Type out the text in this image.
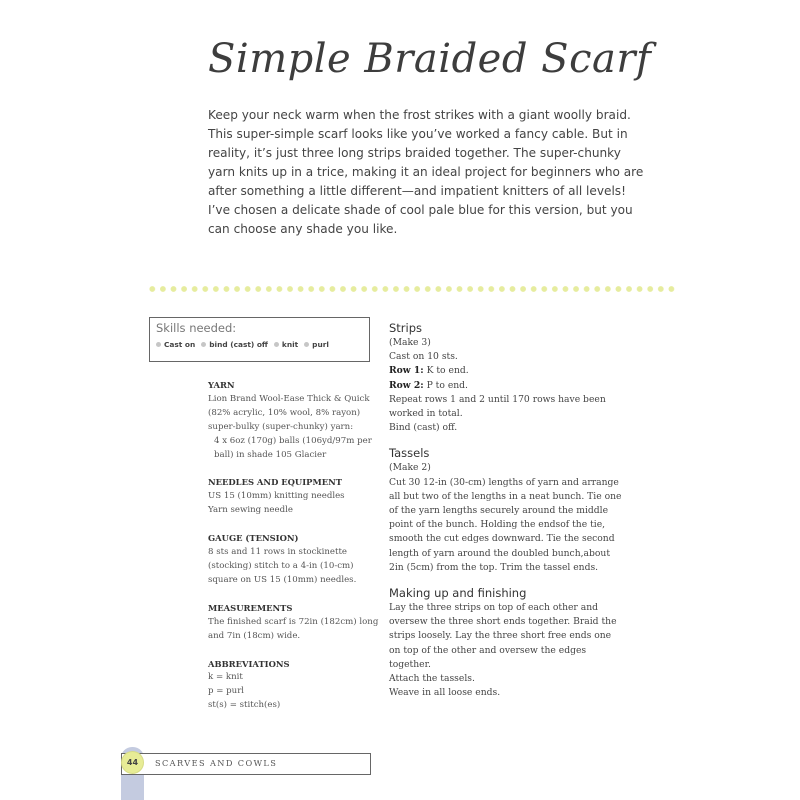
Simple Braided Scarf

Keep your neck warm when the frost strikes with a giant woolly braid. This super-simple scarf looks like you’ve worked a fancy cable. But in reality, it’s just three long strips braided together. The super-chunky yarn knits up in a trice, making it an ideal project for beginners who are after something a little different—and impatient knitters of all levels! I’ve chosen a delicate shade of cool pale blue for this version, but you can choose any shade you like.

Skills needed:
Cast on bind (cast) off knit purl
YARN
Lion Brand Wool-Ease Thick & Quick
(82% acrylic, 10% wool, 8% rayon)
super-bulky (super-chunky) yarn:
4 x 6oz (170g) balls (106yd/97m per
ball) in shade 105 Glacier
NEEDLES AND EQUIPMENT
US 15 (10mm) knitting needles
Yarn sewing needle
GAUGE (TENSION)
8 sts and 11 rows in stockinette
(stocking) stitch to a 4-in (10-cm)
square on US 15 (10mm) needles.
MEASUREMENTS
The finished scarf is 72in (182cm) long
and 7in (18cm) wide.
ABBREVIATIONS
k = knit
p = purl
st(s) = stitch(es)
Strips
(Make 3)
Cast on 10 sts.
Row 1: K to end.
Row 2: P to end.
Repeat rows 1 and 2 until 170 rows have been
worked in total.
Bind (cast) off.
Tassels
(Make 2)
Cut 30 12-in (30-cm) lengths of yarn and arrange
all but two of the lengths in a neat bunch. Tie one
of the yarn lengths securely around the middle
point of the bunch. Holding the endsof the tie,
smooth the cut edges downward. Tie the second
length of yarn around the doubled bunch,about
2in (5cm) from the top. Trim the tassel ends.
Making up and finishing
Lay the three strips on top of each other and
oversew the three short ends together. Braid the
strips loosely. Lay the three short free ends one
on top of the other and oversew the edges
together.
Attach the tassels.
Weave in all loose ends.
SCARVES AND COWLS
44
